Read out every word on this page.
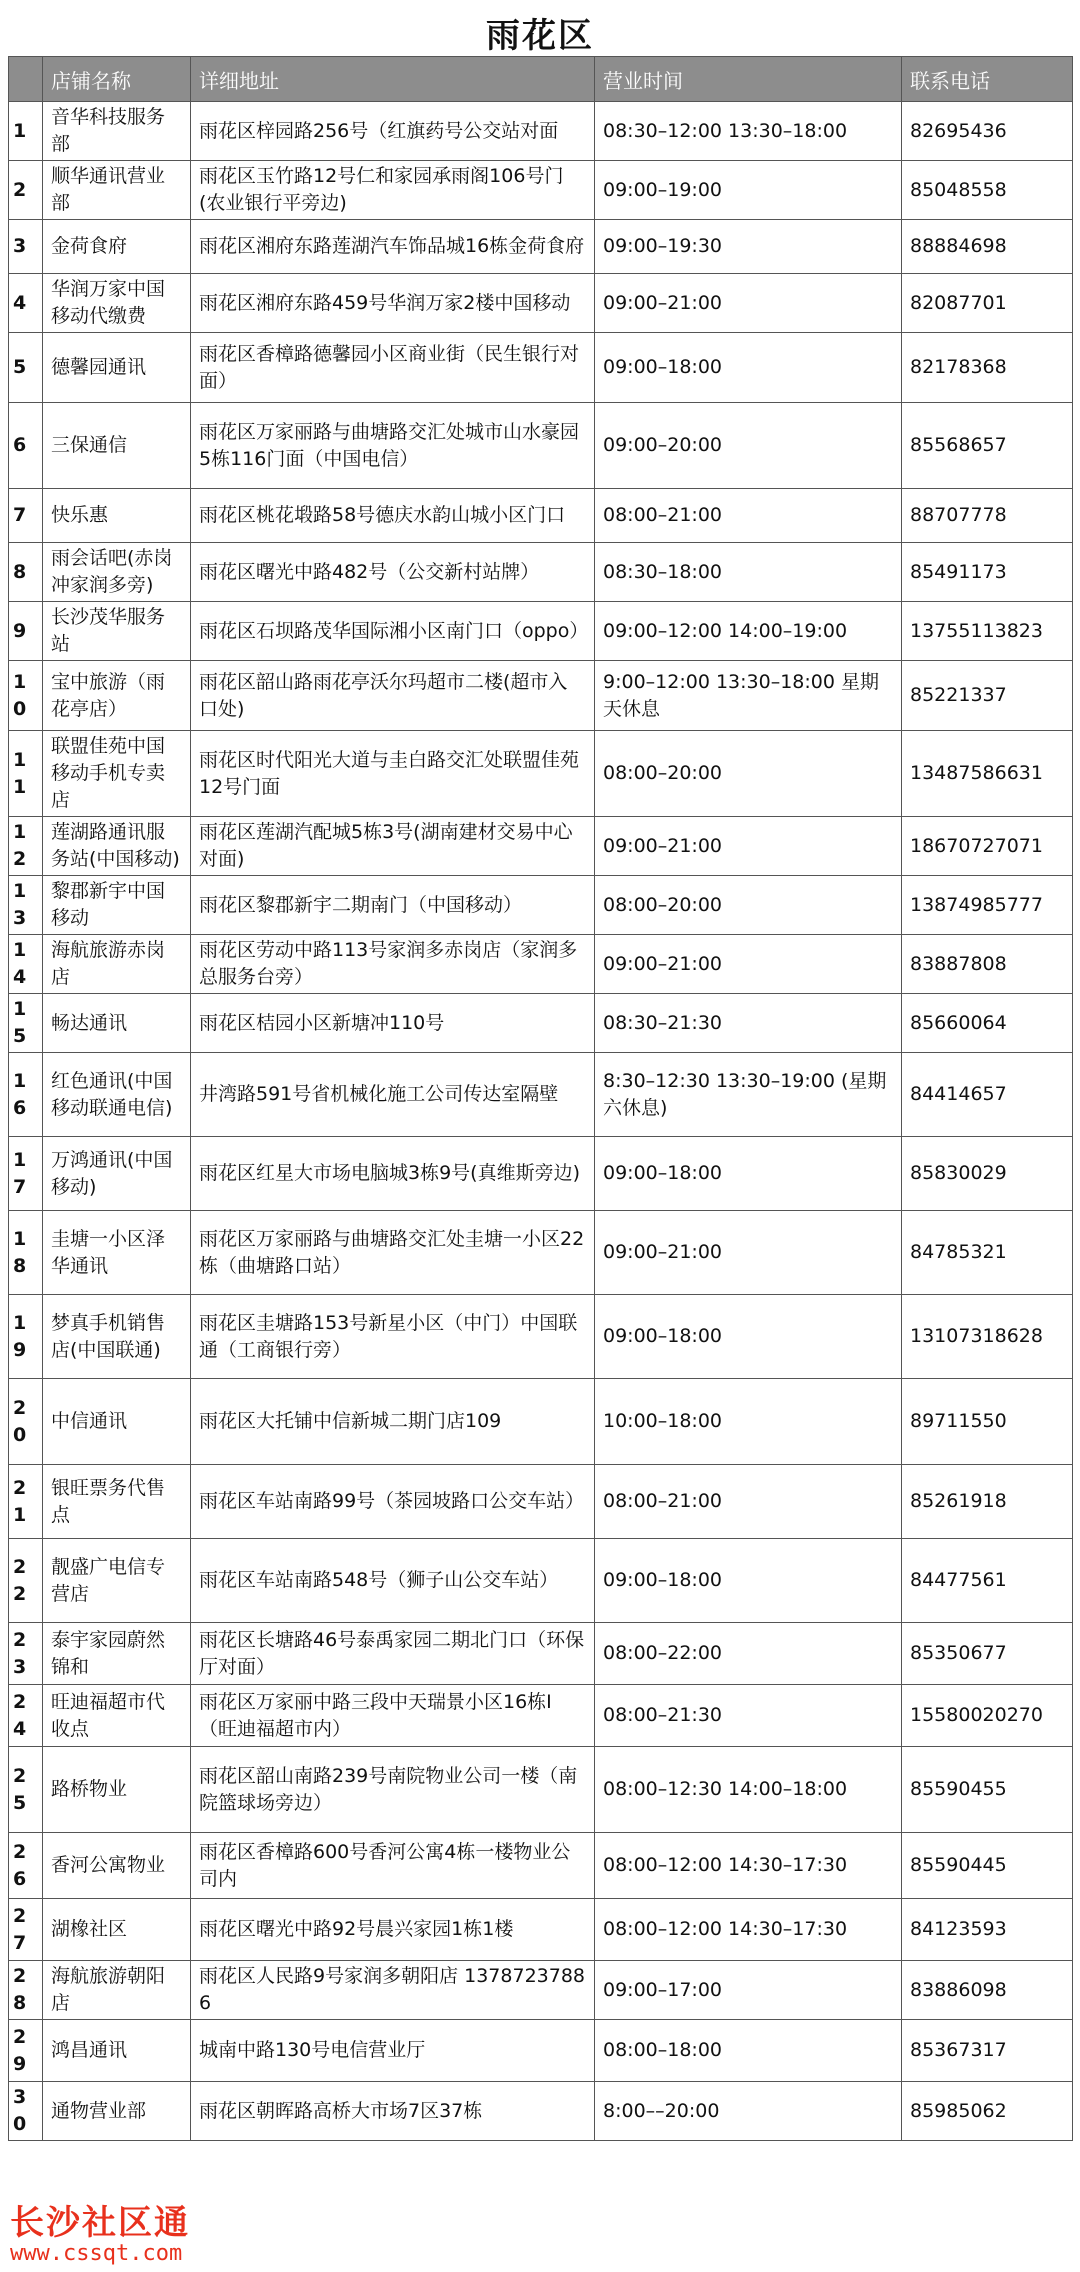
雨花区
	店铺名称	详细地址	营业时间	联系电话
1	音华科技服务部	雨花区梓园路256号（红旗药号公交站对面	08:30–12:00 13:30–18:00	82695436
2	顺华通讯营业部	雨花区玉竹路12号仁和家园承雨阁106号门(农业银行平旁边)	09:00–19:00	85048558
3	金荷食府	雨花区湘府东路莲湖汽车饰品城16栋金荷食府	09:00–19:30	88884698
4	华润万家中国移动代缴费	雨花区湘府东路459号华润万家2楼中国移动	09:00–21:00	82087701
5	德馨园通讯	雨花区香樟路德馨园小区商业街（民生银行对面）	09:00–18:00	82178368
6	三保通信	雨花区万家丽路与曲塘路交汇处城市山水豪园5栋116门面（中国电信）	09:00–20:00	85568657
7	快乐惠	雨花区桃花塅路58号德庆水韵山城小区门口	08:00–21:00	88707778
8	雨会话吧(赤岗冲家润多旁)	雨花区曙光中路482号（公交新村站牌）	08:30–18:00	85491173
9	长沙茂华服务站	雨花区石坝路茂华国际湘小区南门口（oppo）	09:00–12:00 14:00–19:00	13755113823
10	宝中旅游（雨花亭店）	雨花区韶山路雨花亭沃尔玛超市二楼(超市入口处)	9:00–12:00 13:30–18:00 星期天休息	85221337
11	联盟佳苑中国移动手机专卖店	雨花区时代阳光大道与圭白路交汇处联盟佳苑12号门面	08:00–20:00	13487586631
12	莲湖路通讯服务站(中国移动)	雨花区莲湖汽配城5栋3号(湖南建材交易中心对面)	09:00–21:00	18670727071
13	黎郡新宇中国移动	雨花区黎郡新宇二期南门（中国移动）	08:00–20:00	13874985777
14	海航旅游赤岗店	雨花区劳动中路113号家润多赤岗店（家润多总服务台旁）	09:00–21:00	83887808
15	畅达通讯	雨花区桔园小区新塘冲110号	08:30–21:30	85660064
16	红色通讯(中国移动联通电信)	井湾路591号省机械化施工公司传达室隔壁	8:30–12:30 13:30–19:00 (星期六休息)	84414657
17	万鸿通讯(中国移动)	雨花区红星大市场电脑城3栋9号(真维斯旁边)	09:00–18:00	85830029
18	圭塘一小区泽华通讯	雨花区万家丽路与曲塘路交汇处圭塘一小区22栋（曲塘路口站）	09:00–21:00	84785321
19	梦真手机销售店(中国联通)	雨花区圭塘路153号新星小区（中门）中国联通（工商银行旁）	09:00–18:00	13107318628
20	中信通讯	雨花区大托铺中信新城二期门店109	10:00–18:00	89711550
21	银旺票务代售点	雨花区车站南路99号（茶园坡路口公交车站）	08:00–21:00	85261918
22	靓盛广电信专营店	雨花区车站南路548号（狮子山公交车站）	09:00–18:00	84477561
23	泰宇家园蔚然锦和	雨花区长塘路46号泰禹家园二期北门口（环保厅对面）	08:00–22:00	85350677
24	旺迪福超市代收点	雨花区万家丽中路三段中天瑞景小区16栋I（旺迪福超市内）	08:00–21:30	15580020270
25	路桥物业	雨花区韶山南路239号南院物业公司一楼（南院篮球场旁边）	08:00–12:30 14:00–18:00	85590455
26	香河公寓物业	雨花区香樟路600号香河公寓4栋一楼物业公司内	08:00–12:00 14:30–17:30	85590445
27	湖橡社区	雨花区曙光中路92号晨兴家园1栋1楼	08:00–12:00 14:30–17:30	84123593
28	海航旅游朝阳店	雨花区人民路9号家润多朝阳店 13787237886	09:00–17:00	83886098
29	鸿昌通讯	城南中路130号电信营业厅	08:00–18:00	85367317
30	通物营业部	雨花区朝晖路高桥大市场7区37栋	8:00––20:00	85985062
长沙社区通
www.cssqt.com
